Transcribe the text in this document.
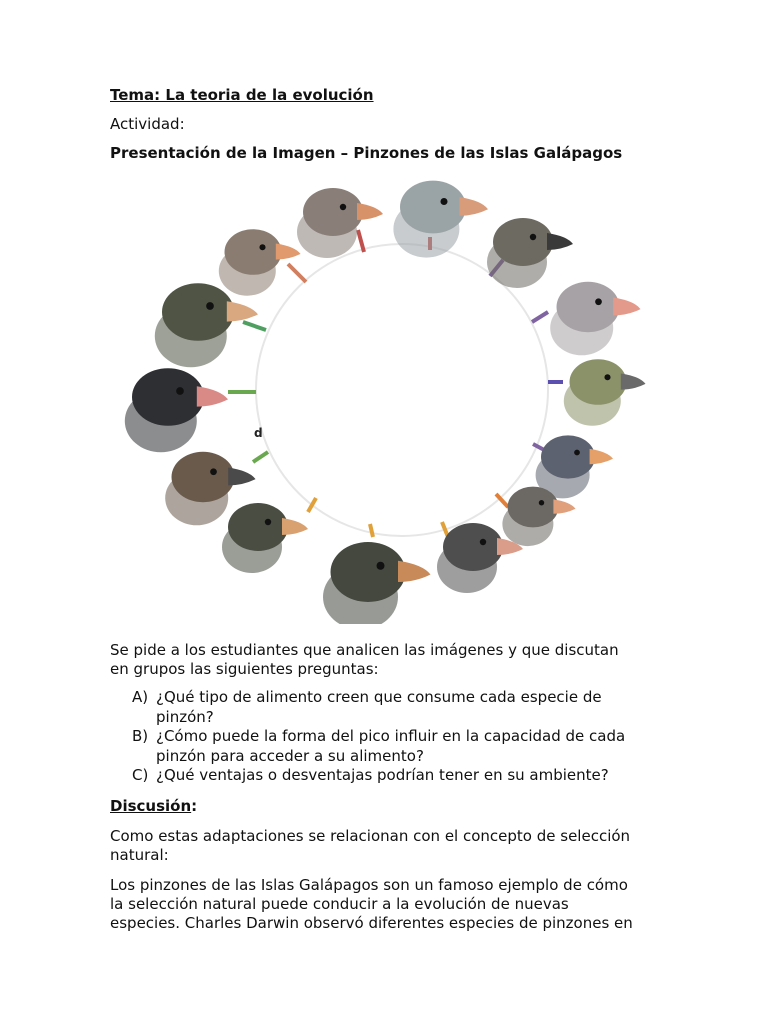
Tema: La teoria de la evolución
Actividad:
Presentación de la Imagen – Pinzones de las Islas Galápagos
d
Se pide a los estudiantes que analicen las imágenes y que discutan
en grupos las siguientes preguntas:
A) ¿Qué tipo de alimento creen que consume cada especie de
pinzón?
B) ¿Cómo puede la forma del pico influir en la capacidad de cada
pinzón para acceder a su alimento?
C) ¿Qué ventajas o desventajas podrían tener en su ambiente?
Discusión:
Como estas adaptaciones se relacionan con el concepto de selección
natural:
Los pinzones de las Islas Galápagos son un famoso ejemplo de cómo
la selección natural puede conducir a la evolución de nuevas
especies. Charles Darwin observó diferentes especies de pinzones en
